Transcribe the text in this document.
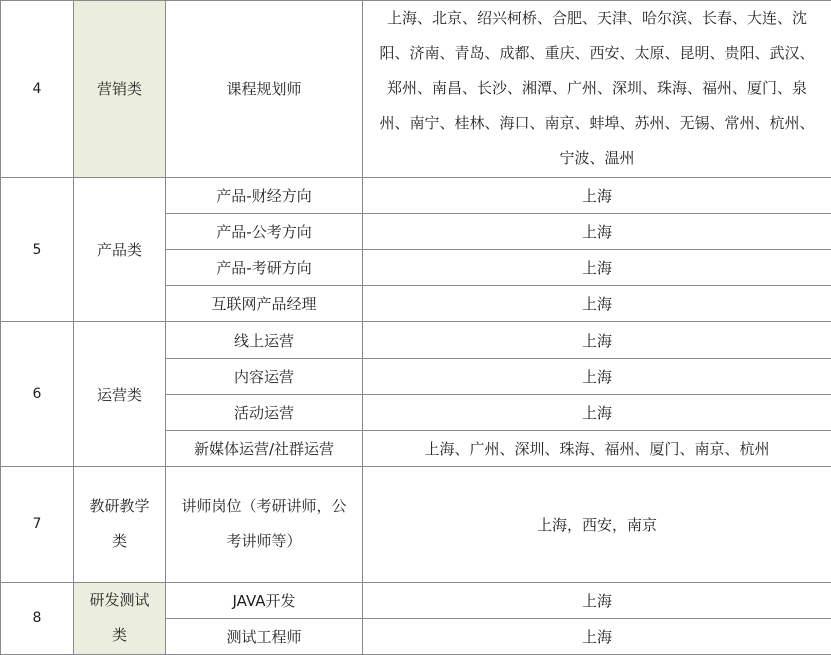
4	营销类	课程规划师	上海、北京、绍兴柯桥、合肥、天津、哈尔滨、长春、大连、沈阳、济南、青岛、成都、重庆、西安、太原、昆明、贵阳、武汉、郑州、南昌、长沙、湘潭、广州、深圳、珠海、福州、厦门、泉州、南宁、桂林、海口、南京、蚌埠、苏州、无锡、常州、杭州、宁波、温州
5	产品类	产品-财经方向	上海
		产品-公考方向	上海
		产品-考研方向	上海
		互联网产品经理	上海
6	运营类	线上运营	上海
		内容运营	上海
		活动运营	上海
		新媒体运营/社群运营	上海、广州、深圳、珠海、福州、厦门、南京、杭州
7	教研教学类	讲师岗位（考研讲师，公考讲师等）	上海，西安，南京
8	研发测试类	JAVA开发	上海
		测试工程师	上海
